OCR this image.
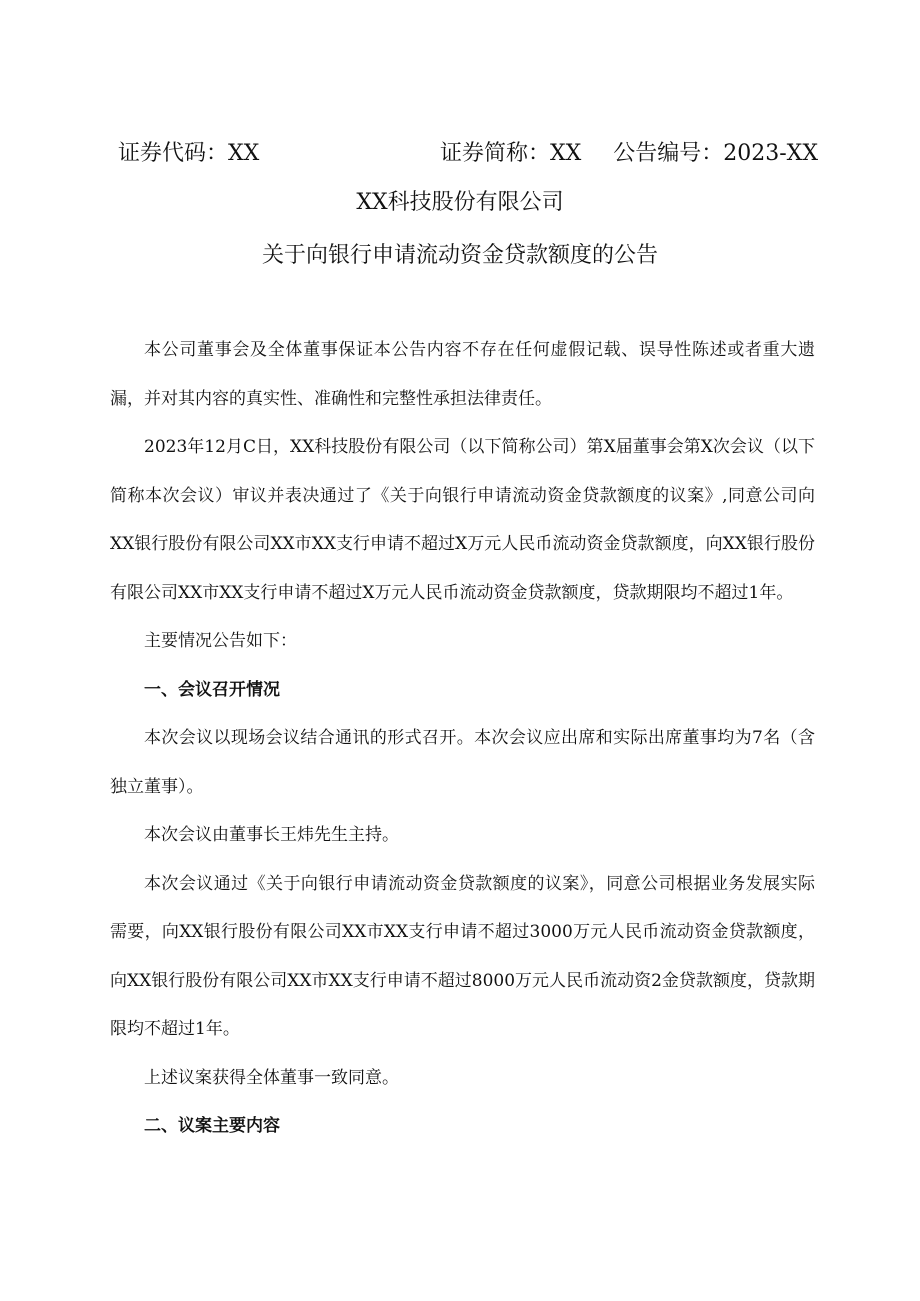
证券代码：XX	证券简称：XX 公告编号：2023-XX
XX科技股份有限公司
关于向银行申请流动资金贷款额度的公告

本公司董事会及全体董事保证本公告内容不存在任何虚假记载、误导性陈述或者重大遗漏，并对其内容的真实性、准确性和完整性承担法律责任。

2023年12月C日，XX科技股份有限公司（以下简称公司）第X届董事会第X次会议（以下简称本次会议）审议并表决通过了《关于向银行申请流动资金贷款额度的议案》,同意公司向XX银行股份有限公司XX市XX支行申请不超过X万元人民币流动资金贷款额度，向XX银行股份有限公司XX市XX支行申请不超过X万元人民币流动资金贷款额度，贷款期限均不超过1年。

主要情况公告如下：

一、会议召开情况

本次会议以现场会议结合通讯的形式召开。本次会议应出席和实际出席董事均为7名（含独立董事）。

本次会议由董事长王炜先生主持。

本次会议通过《关于向银行申请流动资金贷款额度的议案》，同意公司根据业务发展实际需要，向XX银行股份有限公司XX市XX支行申请不超过3000万元人民币流动资金贷款额度，向XX银行股份有限公司XX市XX支行申请不超过8000万元人民币流动资2金贷款额度，贷款期限均不超过1年。

上述议案获得全体董事一致同意。

二、议案主要内容
